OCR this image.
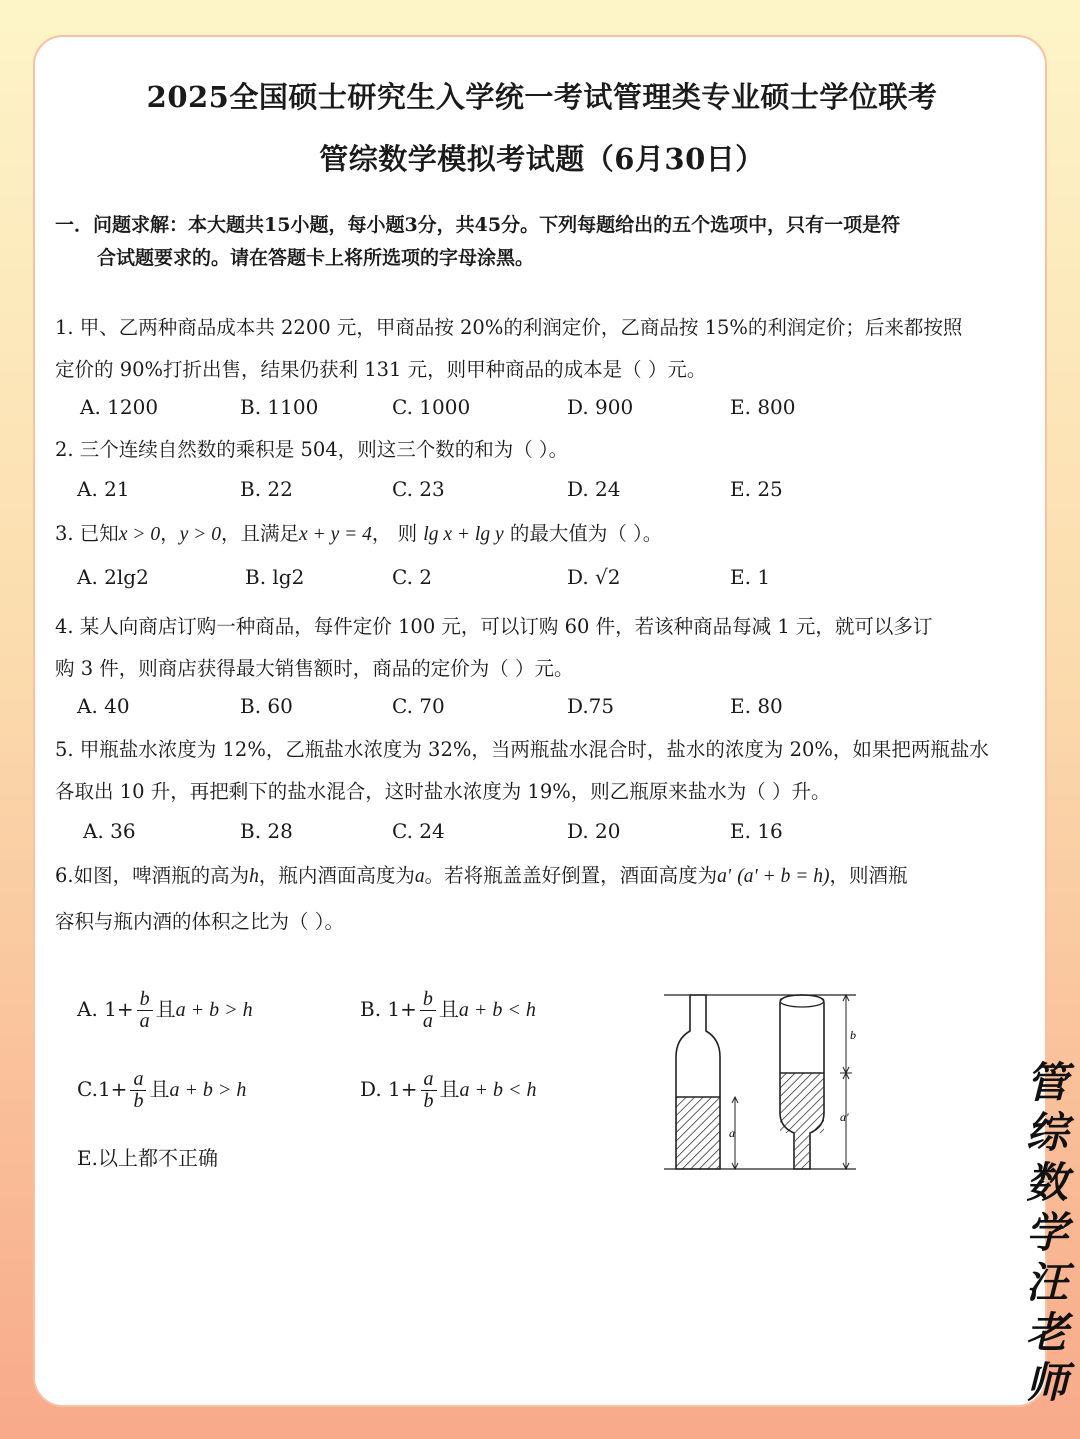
2025全国硕士研究生入学统一考试管理类专业硕士学位联考
管综数学模拟考试题（6月30日）
一．问题求解：本大题共15小题，每小题3分，共45分。下列每题给出的五个选项中，只有一项是符
合试题要求的。请在答题卡上将所选项的字母涂黑。
1. 甲、乙两种商品成本共 2200 元，甲商品按 20%的利润定价，乙商品按 15%的利润定价；后来都按照
定价的 90%打折出售，结果仍获利 131 元，则甲种商品的成本是（ ）元。
A. 1200	B. 1100	C. 1000	D. 900	E. 800
2. 三个连续自然数的乘积是 504，则这三个数的和为（ ）。
A. 21	B. 22	C. 23	D. 24	E. 25
3. 已知x > 0，y > 0，且满足x + y = 4， 则 lg x + lg y 的最大值为（ ）。
A. 2lg2	B. lg2	C. 2	D. √2	E. 1
4. 某人向商店订购一种商品，每件定价 100 元，可以订购 60 件，若该种商品每减 1 元，就可以多订
购 3 件，则商店获得最大销售额时，商品的定价为（ ）元。
A. 40	B. 60	C. 70	D.75	E. 80
5. 甲瓶盐水浓度为 12%，乙瓶盐水浓度为 32%，当两瓶盐水混合时，盐水的浓度为 20%，如果把两瓶盐水
各取出 10 升，再把剩下的盐水混合，这时盐水浓度为 19%，则乙瓶原来盐水为（ ）升。
A. 36	B. 28	C. 24	D. 20	E. 16
6.如图，啤酒瓶的高为h，瓶内酒面高度为a。若将瓶盖盖好倒置，酒面高度为a' (a' + b = h)，则酒瓶
容积与瓶内酒的体积之比为（ ）。
A. $1+ \frac{b}{a}$ 且a + b > h	B. $1+ \frac{b}{a}$ 且a + b < h
$C.1+ \frac{a}{b}$ 且a + b > h	D. $1+ \frac{a}{b}$ 且a + b < h
E.以上都不正确
a
b
a'	管综数学汪老师
